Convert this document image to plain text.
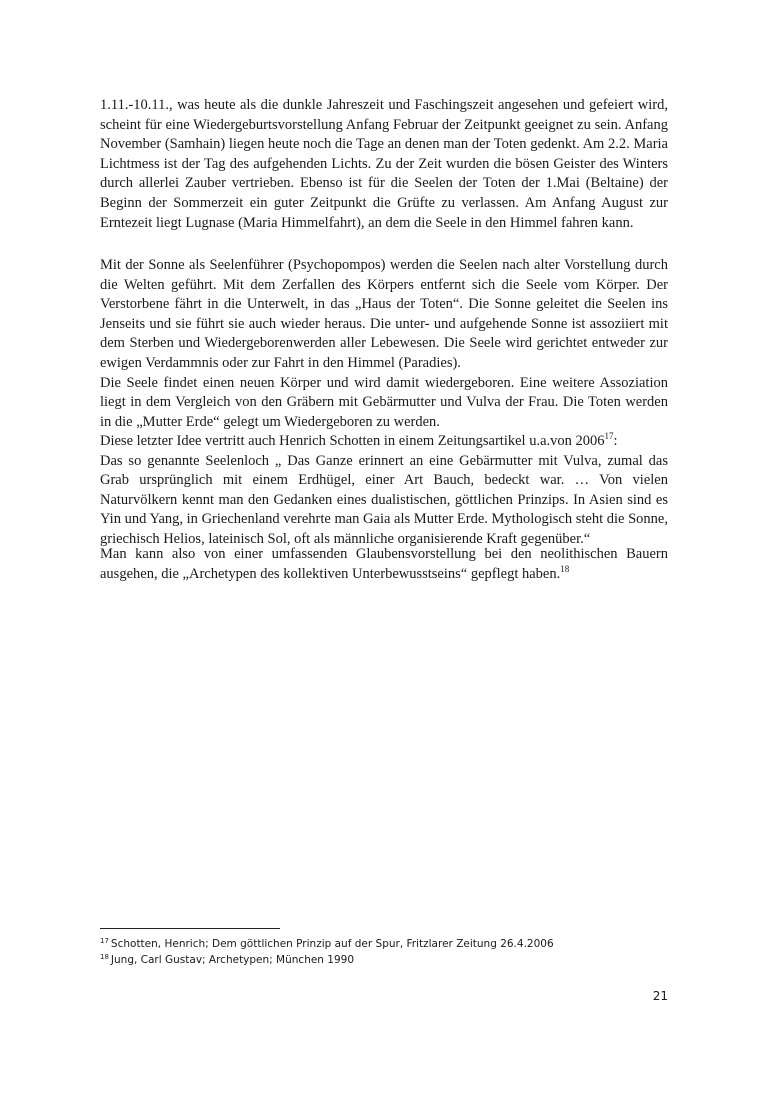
1.11.-10.11., was heute als die dunkle Jahreszeit und Faschingszeit angesehen und gefeiert wird, scheint für eine Wiedergeburtsvorstellung Anfang Februar der Zeitpunkt geeignet zu sein. Anfang November (Samhain) liegen heute noch die Tage an denen man der Toten gedenkt. Am 2.2. Maria Lichtmess ist der Tag des aufgehenden Lichts. Zu der Zeit wurden die bösen Geister des Winters durch allerlei Zauber vertrieben. Ebenso ist für die Seelen der Toten der 1.Mai (Beltaine) der Beginn der Sommerzeit ein guter Zeitpunkt die Grüfte zu verlassen. Am Anfang August zur Erntezeit liegt Lugnase (Maria Himmelfahrt), an dem die Seele in den Himmel fahren kann.

Mit der Sonne als Seelenführer (Psychopompos) werden die Seelen nach alter Vorstellung durch die Welten geführt. Mit dem Zerfallen des Körpers entfernt sich die Seele vom Körper. Der Verstorbene fährt in die Unterwelt, in das „Haus der Toten“. Die Sonne geleitet die Seelen ins Jenseits und sie führt sie auch wieder heraus. Die unter- und aufgehende Sonne ist assoziiert mit dem Sterben und Wiedergeborenwerden aller Lebewesen. Die Seele wird gerichtet entweder zur ewigen Verdammnis oder zur Fahrt in den Himmel (Paradies).
Die Seele findet einen neuen Körper und wird damit wiedergeboren. Eine weitere Assoziation liegt in dem Vergleich von den Gräbern mit Gebärmutter und Vulva der Frau. Die Toten werden in die „Mutter Erde“ gelegt um Wiedergeboren zu werden.

Diese letzter Idee vertritt auch Henrich Schotten in einem Zeitungsartikel u.a.von 2006$^{17}$:
Das so genannte Seelenloch „ Das Ganze erinnert an eine Gebärmutter mit Vulva, zumal das Grab ursprünglich mit einem Erdhügel, einer Art Bauch, bedeckt war. … Von vielen Naturvölkern kennt man den Gedanken eines dualistischen, göttlichen Prinzips. In Asien sind es Yin und Yang, in Griechenland verehrte man Gaia als Mutter Erde. Mythologisch steht die Sonne, griechisch Helios, lateinisch Sol, oft als männliche organisierende Kraft gegenüber.“

Man kann also von einer umfassenden Glaubensvorstellung bei den neolithischen Bauern ausgehen, die „Archetypen des kollektiven Unterbewusstseins“ gepflegt haben.$^{18}$

$^{17}$ Schotten, Henrich; Dem göttlichen Prinzip auf der Spur, Fritzlarer Zeitung 26.4.2006

$^{18}$ Jung, Carl Gustav; Archetypen; München 1990

21
